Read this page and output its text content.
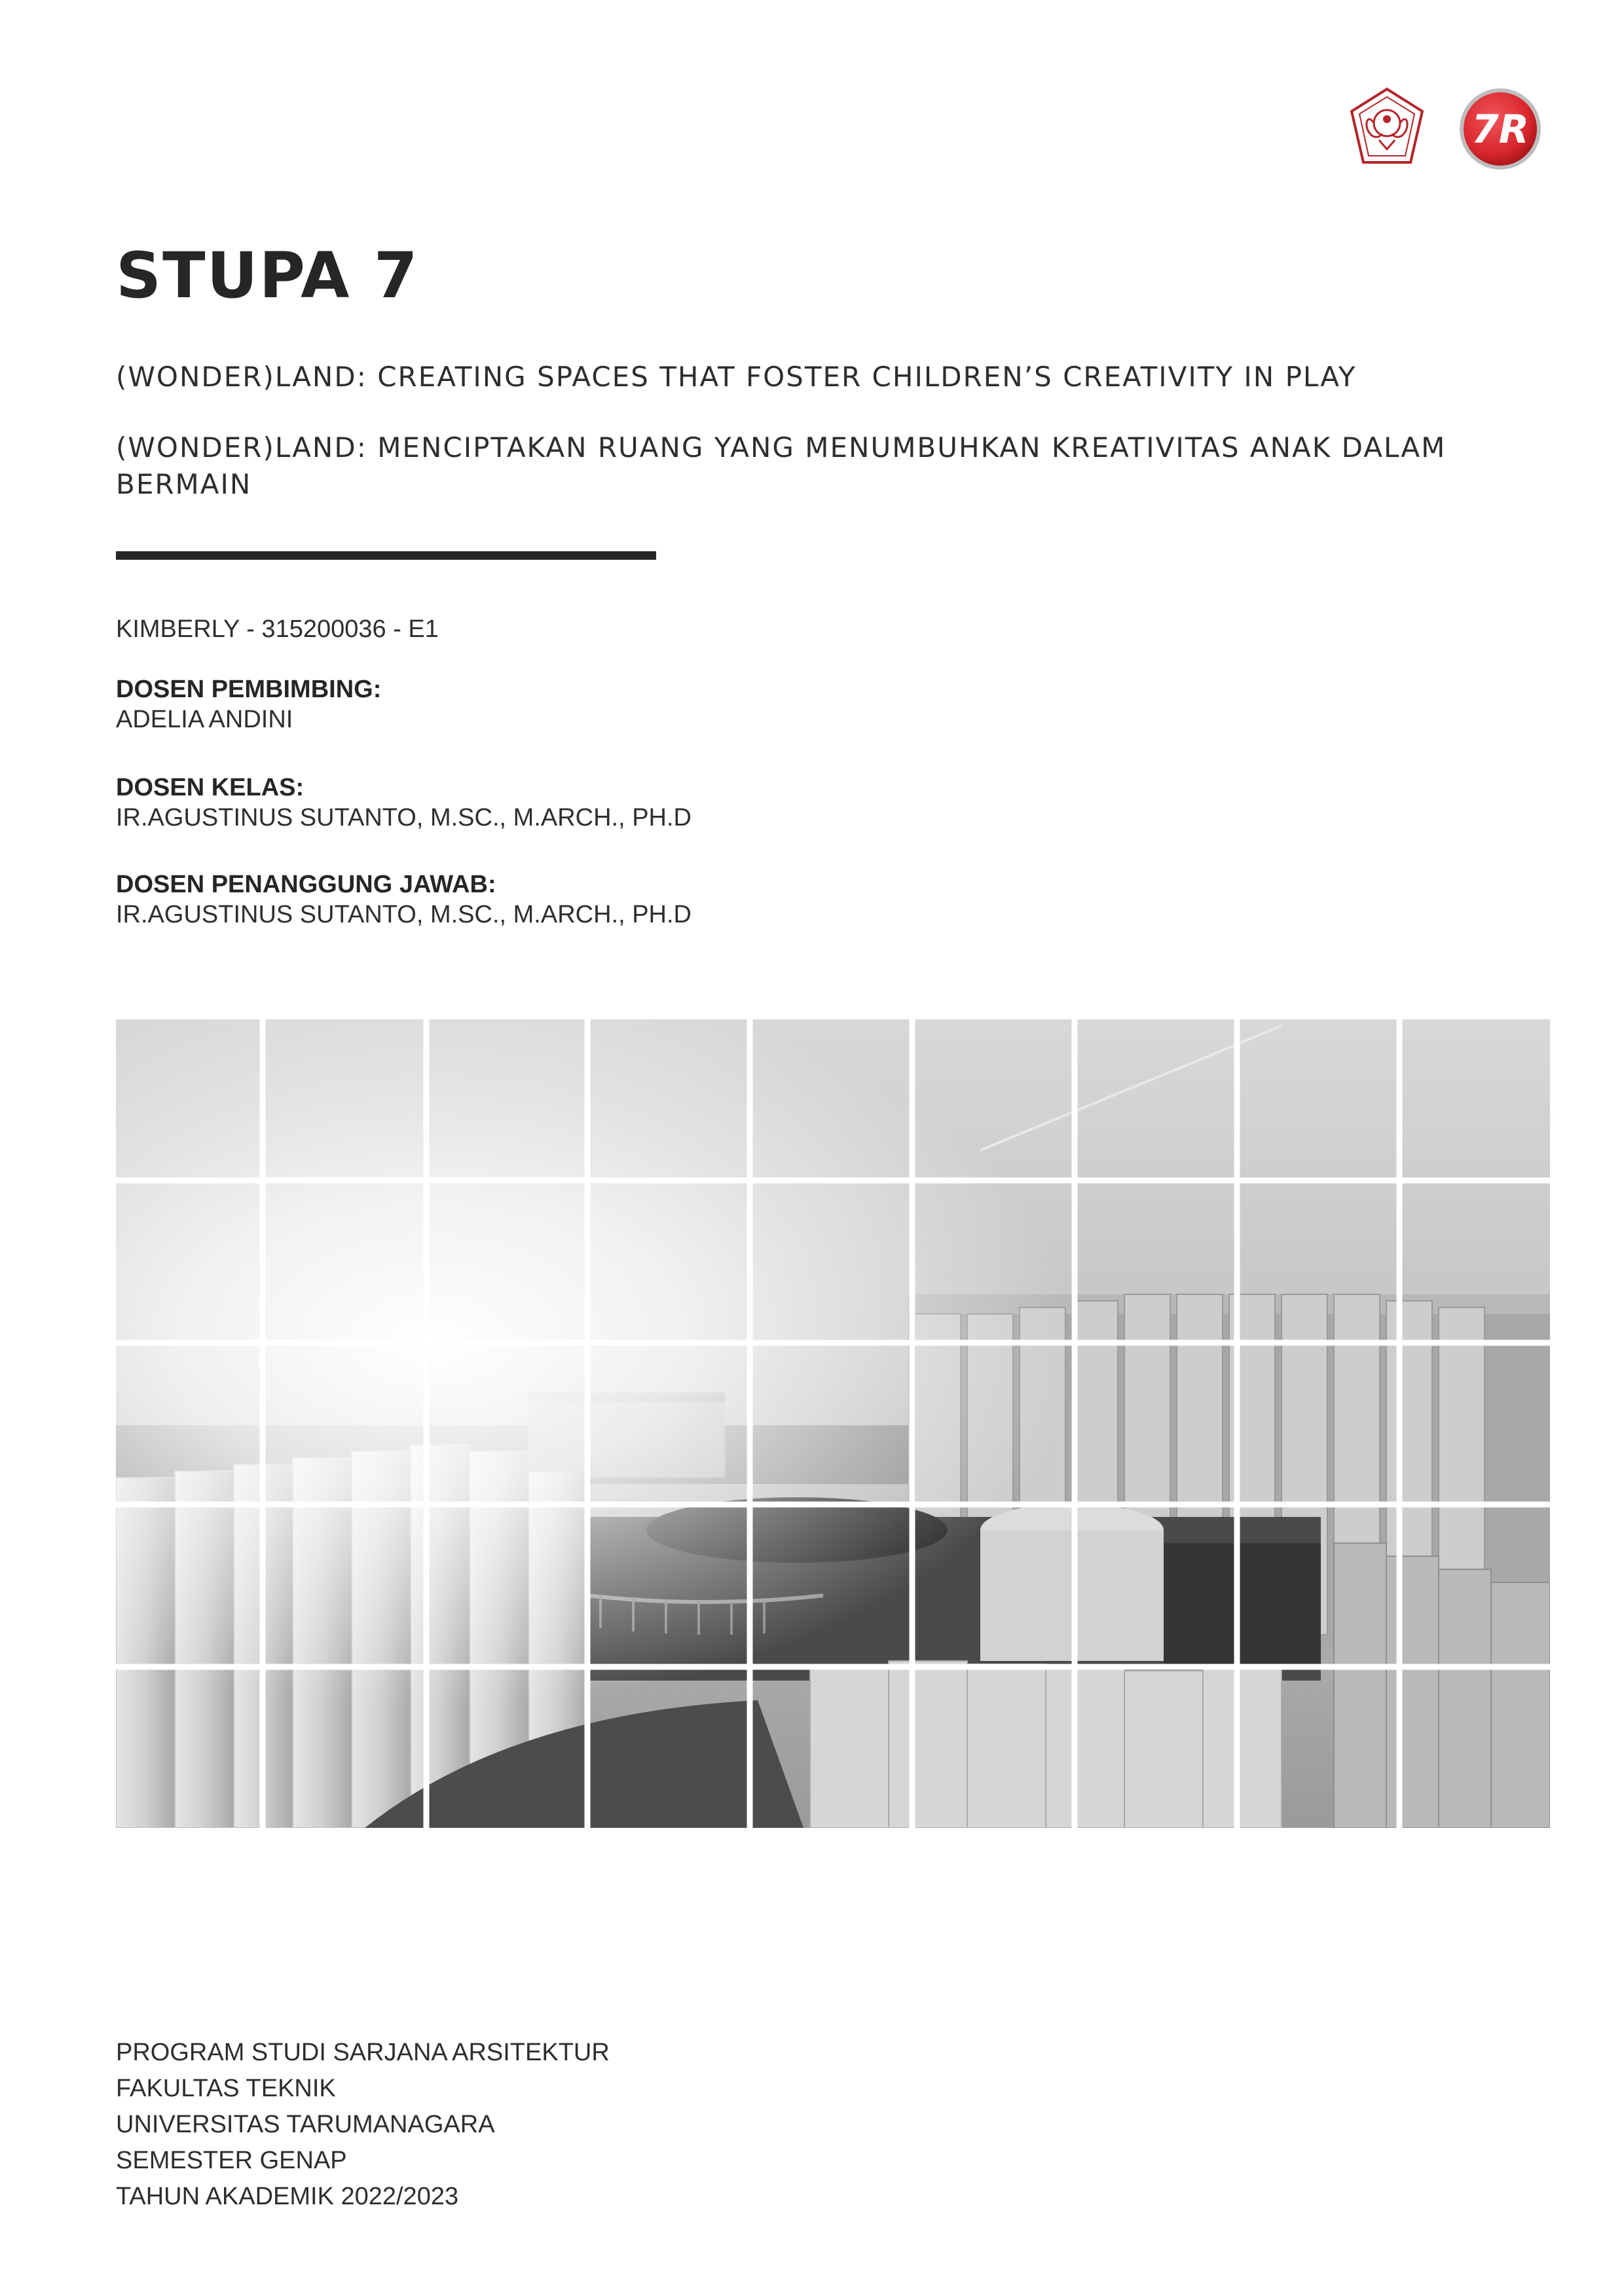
7R
STUPA 7

(WONDER)LAND: CREATING SPACES THAT FOSTER CHILDREN’S CREATIVITY IN PLAY

(WONDER)LAND: MENCIPTAKAN RUANG YANG MENUMBUHKAN KREATIVITAS ANAK DALAM
BERMAIN

KIMBERLY - 315200036 - E1
DOSEN PEMBIMBING:
ADELIA ANDINI
DOSEN KELAS:
IR.AGUSTINUS SUTANTO, M.SC., M.ARCH., PH.D
DOSEN PENANGGUNG JAWAB:
IR.AGUSTINUS SUTANTO, M.SC., M.ARCH., PH.D
PROGRAM STUDI SARJANA ARSITEKTUR
FAKULTAS TEKNIK
UNIVERSITAS TARUMANAGARA
SEMESTER GENAP
TAHUN AKADEMIK 2022/2023
